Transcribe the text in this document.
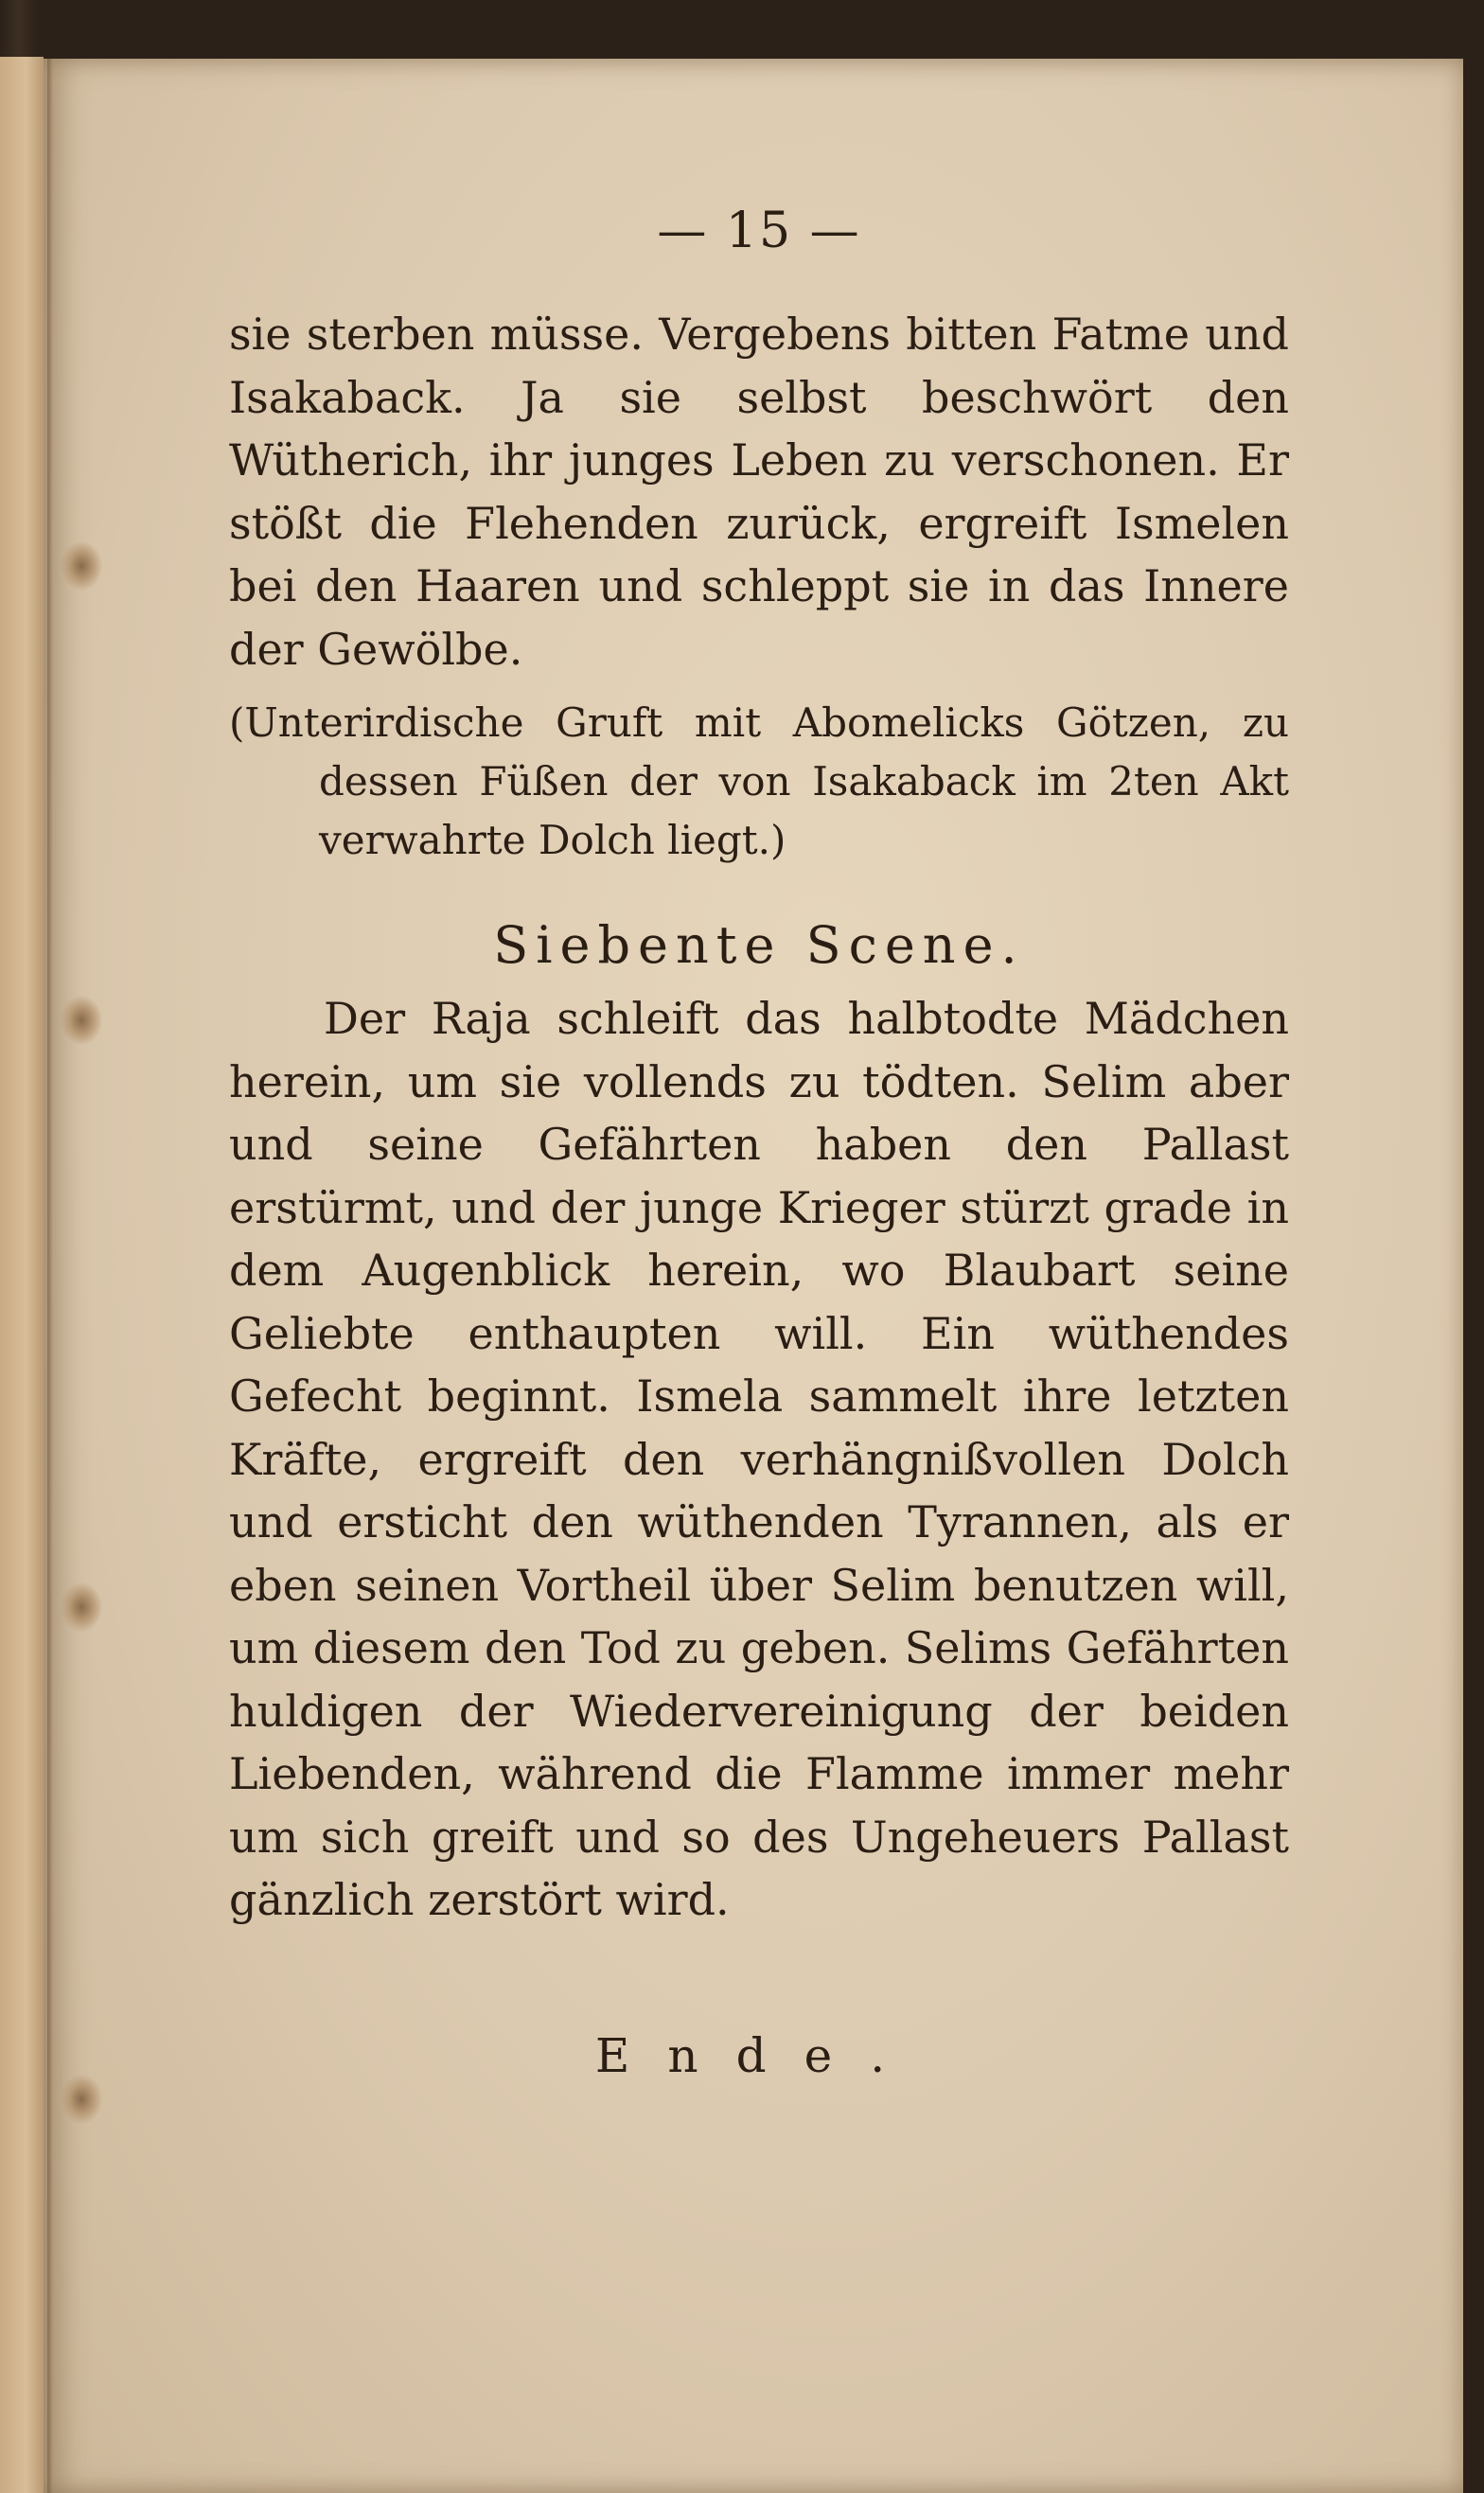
— 15 —

sie sterben müsse. Vergebens bitten Fatme und Isakaback. Ja sie selbst beschwört den Wütherich, ihr junges Leben zu verschonen. Er stößt die Flehenden zurück, ergreift Ismelen bei den Haaren und schleppt sie in das Innere der Gewölbe.

(Unterirdische Gruft mit Abomelicks Götzen, zu dessen Füßen der von Isakaback im 2ten Akt verwahrte Dolch liegt.)

Siebente Scene.

Der Raja schleift das halbtodte Mädchen herein, um sie vollends zu tödten. Selim aber und seine Gefährten haben den Pallast erstürmt, und der junge Krieger stürzt grade in dem Augenblick herein, wo Blaubart seine Geliebte enthaupten will. Ein wüthendes Gefecht beginnt. Ismela sammelt ihre letzten Kräfte, ergreift den verhängnißvollen Dolch und ersticht den wüthenden Tyrannen, als er eben seinen Vortheil über Selim benutzen will, um diesem den Tod zu geben. Selims Gefährten huldigen der Wiedervereinigung der beiden Liebenden, während die Flamme immer mehr um sich greift und so des Ungeheuers Pallast gänzlich zerstört wird.

Ende.
